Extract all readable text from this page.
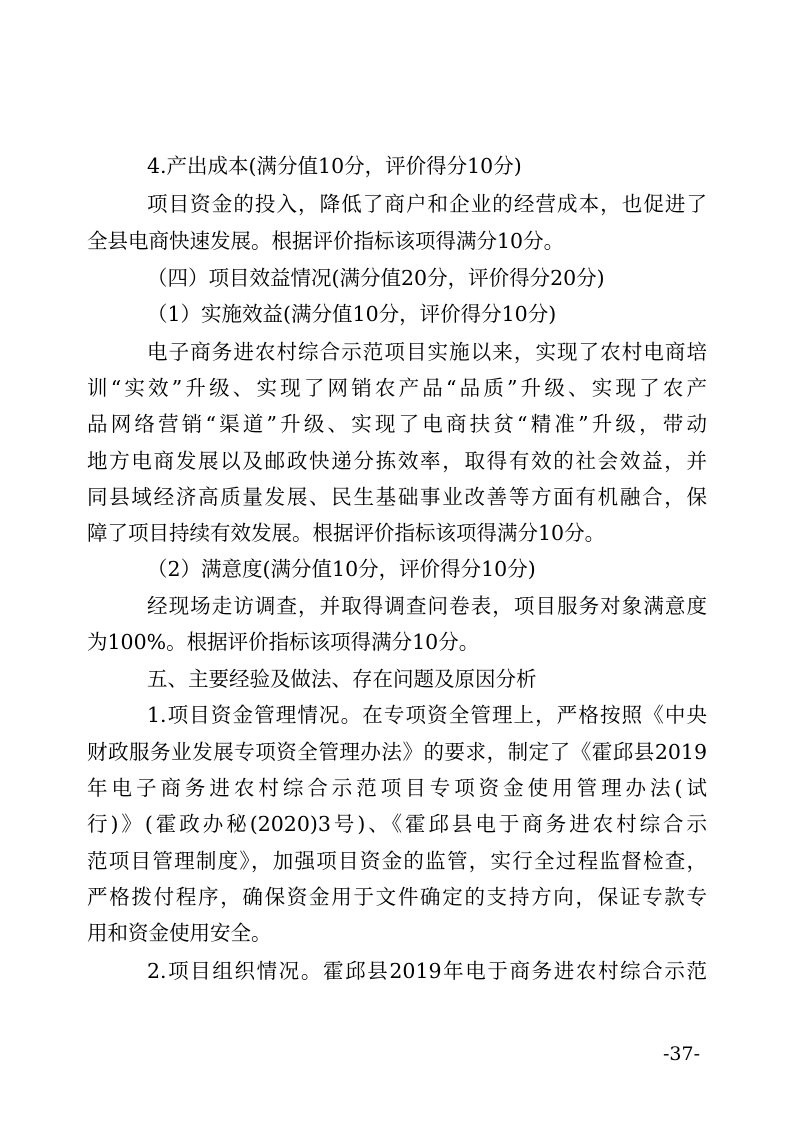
4.产出成本(满分值10分，评价得分10分)
项目资金的投入，降低了商户和企业的经营成本，也促进了
全县电商快速发展。根据评价指标该项得满分10分。
（四）项目效益情况(满分值20分，评价得分20分)
（1）实施效益(满分值10分，评价得分10分)
电子商务进农村综合示范项目实施以来，实现了农村电商培
训“实效”升级、实现了网销农产品“品质”升级、实现了农产
品网络营销“渠道”升级、实现了电商扶贫“精准”升级，带动
地方电商发展以及邮政快递分拣效率，取得有效的社会效益，并
同县域经济高质量发展、民生基础事业改善等方面有机融合，保
障了项目持续有效发展。根据评价指标该项得满分10分。
（2）满意度(满分值10分，评价得分10分)
经现场走访调查，并取得调查问卷表，项目服务对象满意度
为100%。根据评价指标该项得满分10分。
五、主要经验及做法、存在问题及原因分析
1.项目资金管理情况。在专项资全管理上，严格按照《中央
财政服务业发展专项资全管理办法》的要求，制定了《霍邱县2019
年电子商务进农村综合示范项目专项资金使用管理办法(试
行)》(霍政办秘(2020)3号)、《霍邱县电于商务进农村综合示
范项目管理制度》，加强项目资金的监管，实行全过程监督检查，
严格拨付程序，确保资金用于文件确定的支持方向，保证专款专
用和资金使用安全。
2.项目组织情况。霍邱县2019年电于商务进农村综合示范
-37-
